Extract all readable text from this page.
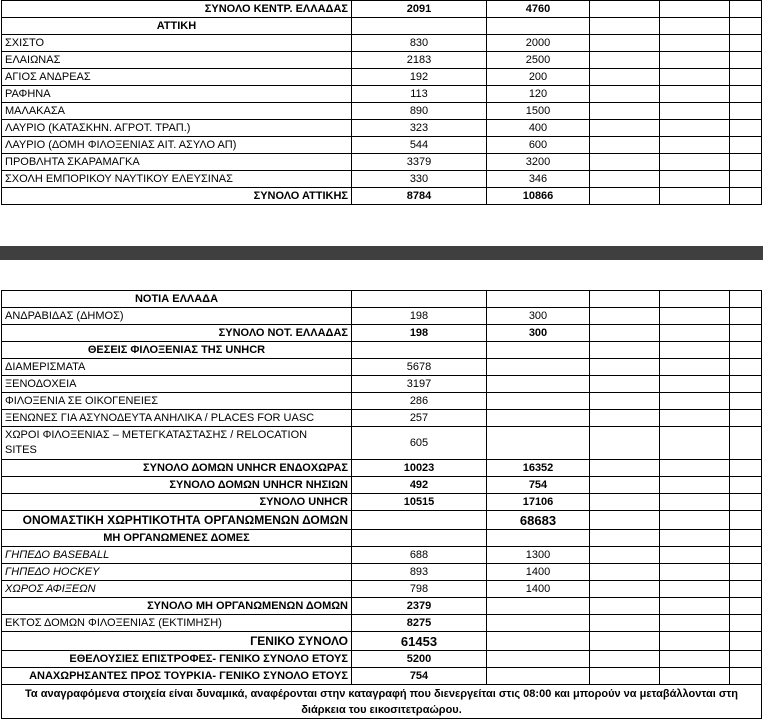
ΣΥΝΟΛΟ ΚΕΝΤΡ. ΕΛΛΑΔΑΣ	2091	4760			
ΑΤΤΙΚΗ					
ΣΧΙΣΤΟ	830	2000			
ΕΛΑΙΩΝΑΣ	2183	2500			
ΑΓΙΟΣ ΑΝΔΡΕΑΣ	192	200			
ΡΑΦΗΝΑ	113	120			
ΜΑΛΑΚΑΣΑ	890	1500			
ΛΑΥΡΙΟ (ΚΑΤΑΣΚΗΝ. ΑΓΡΟΤ. ΤΡΑΠ.)	323	400			
ΛΑΥΡΙΟ (ΔΟΜΗ ΦΙΛΟΞΕΝΙΑΣ ΑΙΤ. ΑΣΥΛΟ ΑΠ)	544	600			
ΠΡΟΒΛΗΤΑ ΣΚΑΡΑΜΑΓΚΑ	3379	3200			
ΣΧΟΛΗ ΕΜΠΟΡΙΚΟΥ ΝΑΥΤΙΚΟΥ ΕΛΕΥΣΙΝΑΣ	330	346			
ΣΥΝΟΛΟ ΑΤΤΙΚΗΣ	8784	10866			
ΝΟΤΙΑ ΕΛΛΑΔΑ					
ΑΝΔΡΑΒΙΔΑΣ (ΔΗΜΟΣ)	198	300			
ΣΥΝΟΛΟ ΝΟΤ. ΕΛΛΑΔΑΣ	198	300			
ΘΕΣΕΙΣ ΦΙΛΟΞΕΝΙΑΣ ΤΗΣ UNHCR					
ΔΙΑΜΕΡΙΣΜΑΤΑ	5678				
ΞΕΝΟΔΟΧΕΙΑ	3197				
ΦΙΛΟΞΕΝΙΑ ΣΕ ΟΙΚΟΓΕΝΕΙΕΣ	286				
ΞΕΝΩΝΕΣ ΓΙΑ ΑΣΥΝΟΔΕΥΤΑ ΑΝΗΛΙΚΑ / PLACES FOR UASC	257				
ΧΩΡΟΙ ΦΙΛΟΞΕΝΙΑΣ – ΜΕΤΕΓΚΑΤΑΣΤΑΣΗΣ / RELOCATION
SITES	605				
ΣΥΝΟΛΟ ΔΟΜΩΝ UNHCR ΕΝΔΟΧΩΡΑΣ	10023	16352			
ΣΥΝΟΛΟ ΔΟΜΩΝ UNHCR ΝΗΣΙΩΝ	492	754			
ΣΥΝΟΛΟ UNHCR	10515	17106			
ΟΝΟΜΑΣΤΙΚΗ ΧΩΡΗΤΙΚΟΤΗΤΑ ΟΡΓΑΝΩΜΕΝΩΝ ΔΟΜΩΝ		68683			
ΜΗ ΟΡΓΑΝΩΜΕΝΕΣ ΔΟΜΕΣ					
ΓΗΠΕΔΟ BASEBALL	688	1300			
ΓΗΠΕΔΟ HOCKEY	893	1400			
ΧΩΡΟΣ ΑΦΙΞΕΩΝ	798	1400			
ΣΥΝΟΛΟ ΜΗ ΟΡΓΑΝΩΜΕΝΩΝ ΔΟΜΩΝ	2379				
ΕΚΤΟΣ ΔΟΜΩΝ ΦΙΛΟΞΕΝΙΑΣ (ΕΚΤΙΜΗΣΗ)	8275				
ΓΕΝΙΚΟ ΣΥΝΟΛΟ	61453				
ΕΘΕΛΟΥΣΙΕΣ ΕΠΙΣΤΡΟΦΕΣ- ΓΕΝΙΚΟ ΣΥΝΟΛΟ ΕΤΟΥΣ	5200				
ΑΝΑΧΩΡΗΣΑΝΤΕΣ ΠΡΟΣ ΤΟΥΡΚΙΑ- ΓΕΝΙΚΟ ΣΥΝΟΛΟ ΕΤΟΥΣ	754				
Τα αναγραφόμενα στοιχεία είναι δυναμικά, αναφέρονται στην καταγραφή που διενεργείται στις 08:00 και μπορούν να μεταβάλλονται στη διάρκεια του εικοσιτετραώρου.					
